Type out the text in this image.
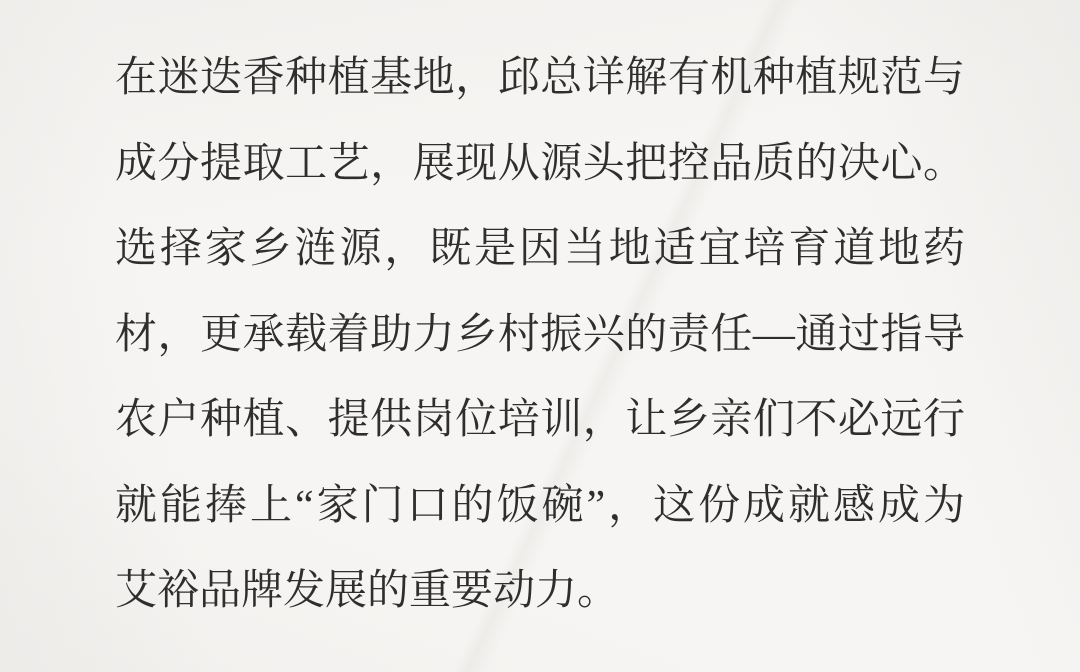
在迷迭香种植基地，邱总详解有机种植规范与
成分提取工艺，展现从源头把控品质的决心。
选择家乡涟源，既是因当地适宜培育道地药
材，更承载着助力乡村振兴的责任—通过指导
农户种植、提供岗位培训，让乡亲们不必远行
就能捧上“家门口的饭碗”，这份成就感成为
艾裕品牌发展的重要动力。
